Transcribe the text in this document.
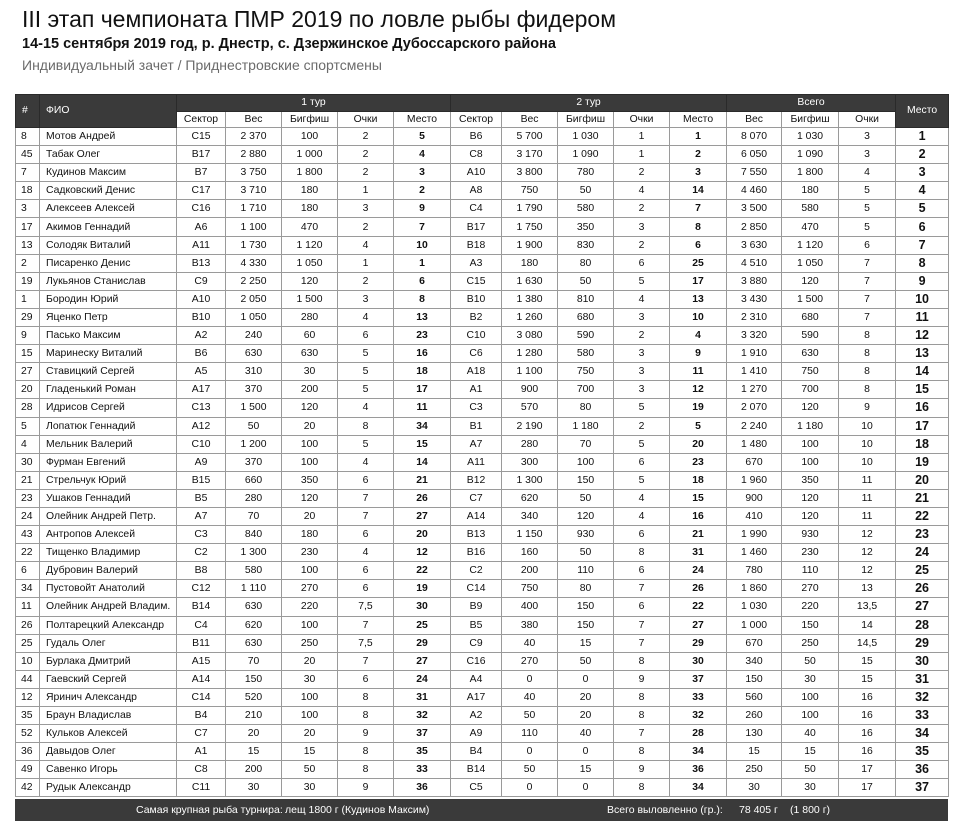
III этап чемпионата ПМР 2019 по ловле рыбы фидером
14-15 сентября 2019 год, р. Днестр, с. Дзержинское Дубоссарского района
Индивидуальный зачет / Приднестровские спортсмены
#	ФИО	1 тур					2 тур					Всего			Место
		Сектор	Вес	Бигфиш	Очки	Место	Сектор	Вес	Бигфиш	Очки	Место	Вес	Бигфиш	Очки	
8	Мотов Андрей	C15	2 370	100	2	5	B6	5 700	1 030	1	1	8 070	1 030	3	1
45	Табак Олег	B17	2 880	1 000	2	4	C8	3 170	1 090	1	2	6 050	1 090	3	2
7	Кудинов Максим	B7	3 750	1 800	2	3	A10	3 800	780	2	3	7 550	1 800	4	3
18	Садковский Денис	C17	3 710	180	1	2	A8	750	50	4	14	4 460	180	5	4
3	Алексеев Алексей	C16	1 710	180	3	9	C4	1 790	580	2	7	3 500	580	5	5
17	Акимов Геннадий	A6	1 100	470	2	7	B17	1 750	350	3	8	2 850	470	5	6
13	Солодяк Виталий	A11	1 730	1 120	4	10	B18	1 900	830	2	6	3 630	1 120	6	7
2	Писаренко Денис	B13	4 330	1 050	1	1	A3	180	80	6	25	4 510	1 050	7	8
19	Лукьянов Станислав	C9	2 250	120	2	6	C15	1 630	50	5	17	3 880	120	7	9
1	Бородин Юрий	A10	2 050	1 500	3	8	B10	1 380	810	4	13	3 430	1 500	7	10
29	Яценко Петр	B10	1 050	280	4	13	B2	1 260	680	3	10	2 310	680	7	11
9	Пасько Максим	A2	240	60	6	23	C10	3 080	590	2	4	3 320	590	8	12
15	Маринеску Виталий	B6	630	630	5	16	C6	1 280	580	3	9	1 910	630	8	13
27	Ставицкий Сергей	A5	310	30	5	18	A18	1 100	750	3	11	1 410	750	8	14
20	Гладенький Роман	A17	370	200	5	17	A1	900	700	3	12	1 270	700	8	15
28	Идрисов Сергей	C13	1 500	120	4	11	C3	570	80	5	19	2 070	120	9	16
5	Лопатюк Геннадий	A12	50	20	8	34	B1	2 190	1 180	2	5	2 240	1 180	10	17
4	Мельник Валерий	C10	1 200	100	5	15	A7	280	70	5	20	1 480	100	10	18
30	Фурман Евгений	A9	370	100	4	14	A11	300	100	6	23	670	100	10	19
21	Стрельчук Юрий	B15	660	350	6	21	B12	1 300	150	5	18	1 960	350	11	20
23	Ушаков Геннадий	B5	280	120	7	26	C7	620	50	4	15	900	120	11	21
24	Олейник Андрей Петр.	A7	70	20	7	27	A14	340	120	4	16	410	120	11	22
43	Антропов Алексей	C3	840	180	6	20	B13	1 150	930	6	21	1 990	930	12	23
22	Тищенко Владимир	C2	1 300	230	4	12	B16	160	50	8	31	1 460	230	12	24
6	Дубровин Валерий	B8	580	100	6	22	C2	200	110	6	24	780	110	12	25
34	Пустовойт Анатолий	C12	1 110	270	6	19	C14	750	80	7	26	1 860	270	13	26
11	Олейник Андрей Владим.	B14	630	220	7,5	30	B9	400	150	6	22	1 030	220	13,5	27
26	Полтарецкий Александр	C4	620	100	7	25	B5	380	150	7	27	1 000	150	14	28
25	Гудаль Олег	B11	630	250	7,5	29	C9	40	15	7	29	670	250	14,5	29
10	Бурлака Дмитрий	A15	70	20	7	27	C16	270	50	8	30	340	50	15	30
44	Гаевский Сергей	A14	150	30	6	24	A4	0	0	9	37	150	30	15	31
12	Яринич Александр	C14	520	100	8	31	A17	40	20	8	33	560	100	16	32
35	Браун Владислав	B4	210	100	8	32	A2	50	20	8	32	260	100	16	33
52	Кульков Алексей	C7	20	20	9	37	A9	110	40	7	28	130	40	16	34
36	Давыдов Олег	A1	15	15	8	35	B4	0	0	8	34	15	15	16	35
49	Савенко Игорь	C8	200	50	8	33	B14	50	15	9	36	250	50	17	36
42	Рудык Александр	C11	30	30	9	36	C5	0	0	8	34	30	30	17	37
Самая крупная рыба турнира: лещ 1800 г (Кудинов Максим)	Всего выловленно (гр.): 78 405 г (1 800 г)
